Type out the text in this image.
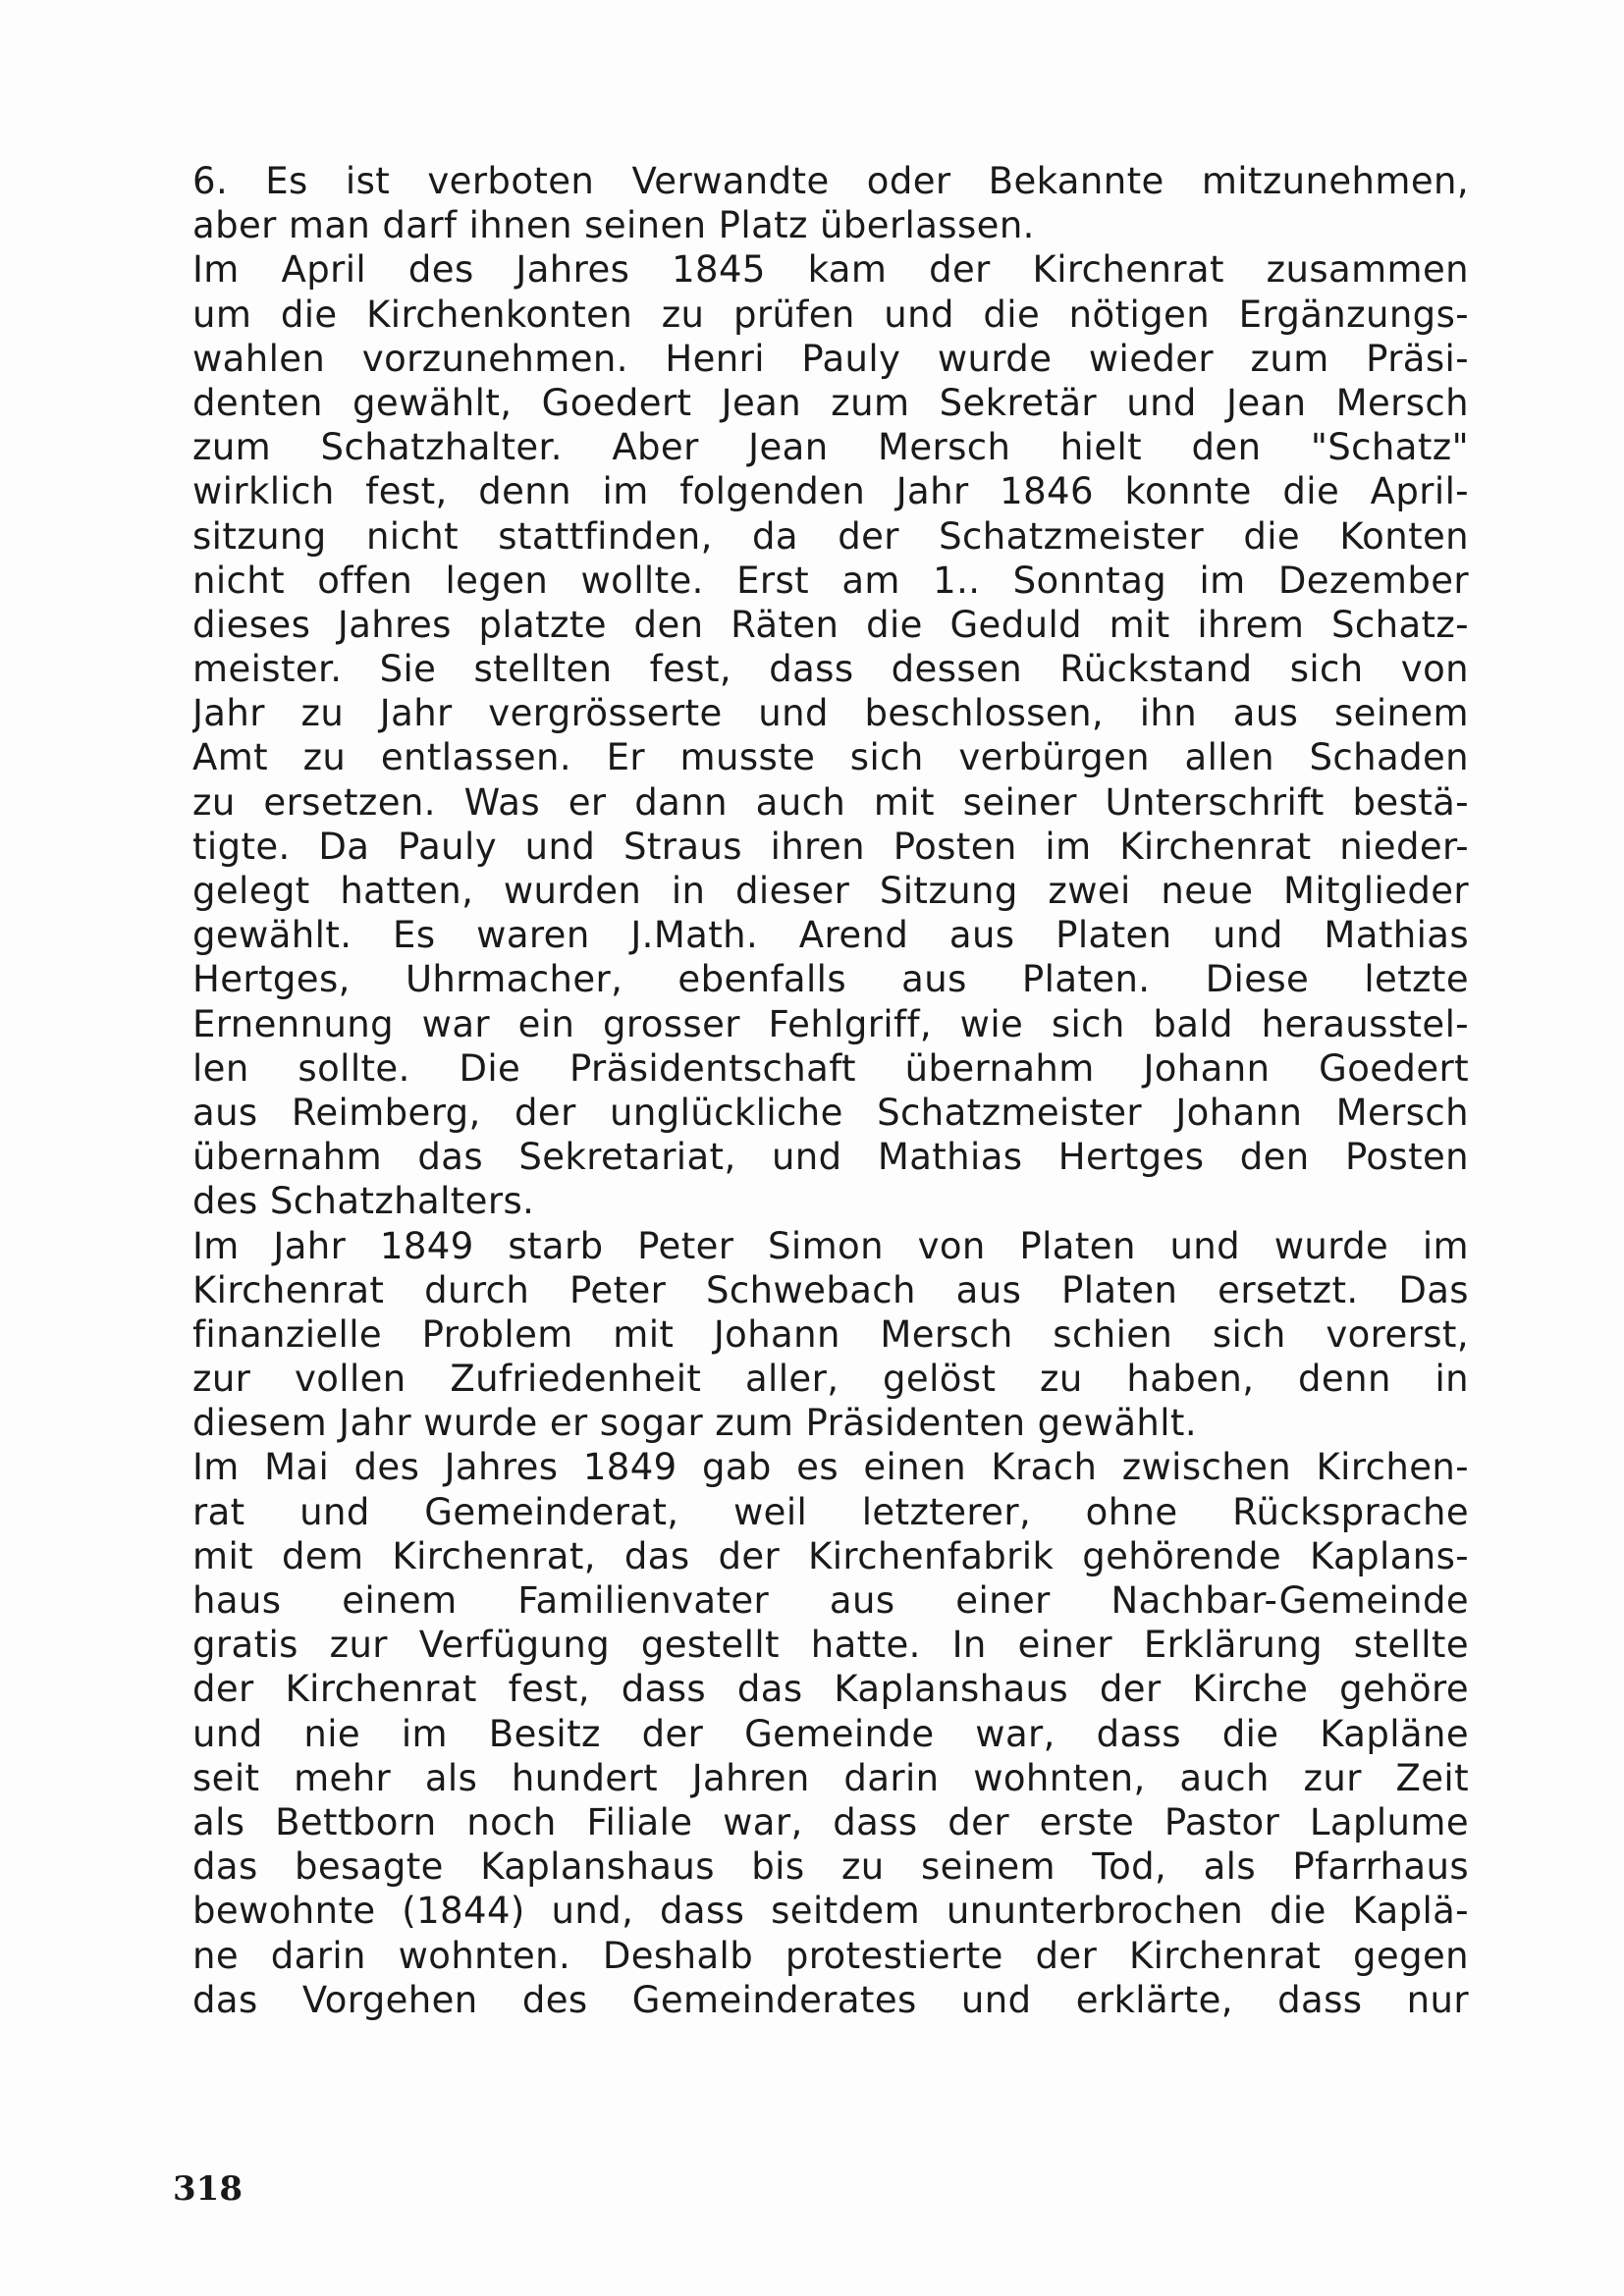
6. Es ist verboten Verwandte oder Bekannte mitzunehmen,
aber man darf ihnen seinen Platz überlassen.
Im April des Jahres 1845 kam der Kirchenrat zusammen
um die Kirchenkonten zu prüfen und die nötigen Ergänzungs-
wahlen vorzunehmen. Henri Pauly wurde wieder zum Präsi-
denten gewählt, Goedert Jean zum Sekretär und Jean Mersch
zum Schatzhalter. Aber Jean Mersch hielt den "Schatz"
wirklich fest, denn im folgenden Jahr 1846 konnte die April-
sitzung nicht stattfinden, da der Schatzmeister die Konten
nicht offen legen wollte. Erst am 1.. Sonntag im Dezember
dieses Jahres platzte den Räten die Geduld mit ihrem Schatz-
meister. Sie stellten fest, dass dessen Rückstand sich von
Jahr zu Jahr vergrösserte und beschlossen, ihn aus seinem
Amt zu entlassen. Er musste sich verbürgen allen Schaden
zu ersetzen. Was er dann auch mit seiner Unterschrift bestä-
tigte. Da Pauly und Straus ihren Posten im Kirchenrat nieder-
gelegt hatten, wurden in dieser Sitzung zwei neue Mitglieder
gewählt. Es waren J.Math. Arend aus Platen und Mathias
Hertges, Uhrmacher, ebenfalls aus Platen. Diese letzte
Ernennung war ein grosser Fehlgriff, wie sich bald herausstel-
len sollte. Die Präsidentschaft übernahm Johann Goedert
aus Reimberg, der unglückliche Schatzmeister Johann Mersch
übernahm das Sekretariat, und Mathias Hertges den Posten
des Schatzhalters.
Im Jahr 1849 starb Peter Simon von Platen und wurde im
Kirchenrat durch Peter Schwebach aus Platen ersetzt. Das
finanzielle Problem mit Johann Mersch schien sich vorerst,
zur vollen Zufriedenheit aller, gelöst zu haben, denn in
diesem Jahr wurde er sogar zum Präsidenten gewählt.
Im Mai des Jahres 1849 gab es einen Krach zwischen Kirchen-
rat und Gemeinderat, weil letzterer, ohne Rücksprache
mit dem Kirchenrat, das der Kirchenfabrik gehörende Kaplans-
haus einem Familienvater aus einer Nachbar-Gemeinde
gratis zur Verfügung gestellt hatte. In einer Erklärung stellte
der Kirchenrat fest, dass das Kaplanshaus der Kirche gehöre
und nie im Besitz der Gemeinde war, dass die Kapläne
seit mehr als hundert Jahren darin wohnten, auch zur Zeit
als Bettborn noch Filiale war, dass der erste Pastor Laplume
das besagte Kaplanshaus bis zu seinem Tod, als Pfarrhaus
bewohnte (1844) und, dass seitdem ununterbrochen die Kaplä-
ne darin wohnten. Deshalb protestierte der Kirchenrat gegen
das Vorgehen des Gemeinderates und erklärte, dass nur
318
